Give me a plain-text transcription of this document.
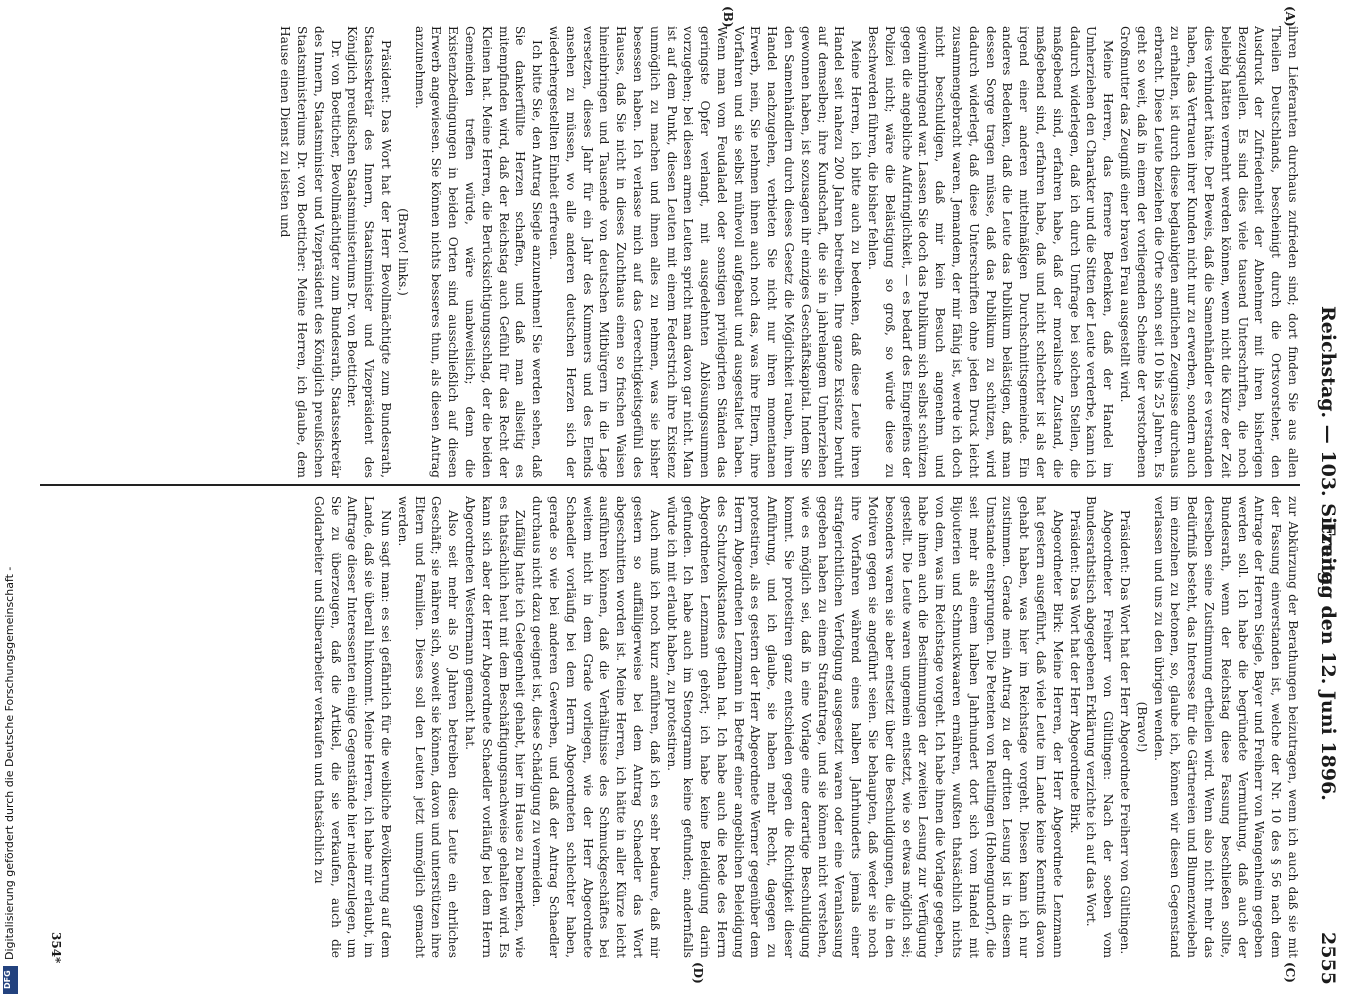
Digitalisierung gefördert durch die Deutsche Forschungsgemeinschaft -
DFG
Reichstag. — 103. Sitzung.
(A)
(B)

ihren Lieferanten durchaus zufrieden sind; dort finden Sie aus allen Theilen Deutschlands, bescheinigt durch die Ortsvorsteher, den Ausdruck der Zufriedenheit der Abnehmer mit ihren bisherigen Bezugsquellen. Es sind dies viele tausend Unterschriften, die noch beliebig hätten vermehrt werden können, wenn nicht die Kürze der Zeit dies verhindert hätte. Der Beweis, daß die Samenhändler es verstanden haben, das Vertrauen ihrer Kunden nicht nur zu erwerben, sondern auch zu erhalten, ist durch diese beglaubigten amtlichen Zeugnisse durchaus erbracht. Diese Leute beziehen die Orte schon seit 10 bis 25 Jahren. Es geht so weit, daß in einem der vorliegenden Scheine der verstorbenen Großmutter das Zeugniß einer braven Frau ausgestellt wird.

Meine Herren, das fernere Bedenken, daß der Handel im Umherziehen den Charakter und die Sitten der Leute verderbe, kann ich dadurch widerlegen, daß ich durch Umfrage bei solchen Stellen, die maßgebend sind, erfahren habe, daß der moralische Zustand, die maßgebend sind, erfahren habe, daß und nicht schlechter ist als der irgend einer anderen mittelmäßigen Durchschnittsgemeinde. Ein anderes Bedenken, daß die Leute das Publikum belästigen, daß man dessen Sorge tragen müsse, daß das Publikum zu schützen, wird dadurch widerlegt, daß diese Unterschriften ohne jeden Druck leicht zusammengebracht waren. Jemandem, der mir fähig ist, werde ich doch nicht beschuldigen, daß mir kein Besuch angenehm und gewinnbringend war. Lassen Sie doch das Publikum sich selbst schützen gegen die angebliche Aufdringlichkeit, — es bedarf des Eingreifens der Polizei nicht; wäre die Belästigung so groß, so würde diese zu Beschwerden führen, die bisher fehlen.

Meine Herren, ich bitte auch zu bedenken, daß diese Leute ihren Handel seit nahezu 200 Jahren betreiben. Ihre ganze Existenz beruht auf demselben; ihre Kundschaft, die sie in jahrelangem Umherziehen gewonnen haben, ist sozusagen ihr einziges Geschäftskapital. Indem Sie den Samenhändlern durch dieses Gesetz die Möglichkeit rauben, ihren Handel nachzugehen, verbieten Sie nicht nur ihren momentanen Erwerb, nein, Sie nehmen ihnen auch noch das, was ihre Eltern, ihre Vorfahren und sie selbst mühevoll aufgebaut und ausgestaltet haben. Wenn man vom Feudaladel oder sonstigen privilegirten Ständen das geringste Opfer verlangt, mit ausgedehnten Ablösungssummen vorzugehen; bei diesen armen Leuten spricht man davon gar nicht. Man ist auf dem Punkt, diesen Leuten mit einem Federstrich ihre Existenz unmöglich zu machen und ihnen alles zu nehmen, was sie bisher besessen haben. Ich verlasse mich auf das Gerechtigkeitsgefühl des Hauses, daß Sie nicht in dieses Zuchthaus einen so frischen Waisen hineinbringen und Tausende von deutschen Mitbürgern in die Lage versetzen, dieses Jahr für ein Jahr des Kummers und des Elends ansehen zu müssen, wo alle anderen deutschen Herzen sich der wiederhergestellten Einheit erfreuen.

Ich bitte Sie, den Antrag Siegle anzunehmen! Sie werden sehen, daß Sie dankerfüllte Herzen schaffen, und daß man allseitig es mitempfinden wird, daß der Reichstag auch Gefühl für das Recht der Kleinen hat. Meine Herren, die Berücksichtigungsschlag, der die beiden Gemeinden treffen würde, wäre unabweislich; denn die Existenzbedingungen in beiden Orten sind ausschließlich auf diesen Erwerb angewiesen. Sie können nichts besseres thun, als diesen Antrag anzunehmen.

(Bravo! links.)

Präsident: Das Wort hat der Herr Bevollmächtigte zum Bundesrath, Staatssekretär des Innern, Staatsminister und Vizepräsident des Königlich preußischen Staatsministeriums Dr. von Boetticher.

Dr. von Boetticher, Bevollmächtigter zum Bundesrath, Staatssekretär des Innern, Staatsminister und Vizepräsident des Königlich preußischen Staatsministeriums Dr. von Boetticher: Meine Herren, ich glaube, dem Hause einen Dienst zu leisten und

Freitag den 12. Juni 1896.
2555
(C)
(D)

zur Abkürzung der Berathungen beizutragen, wenn ich auch daß sie mit der Fassung einverstanden ist, welche der Nr. 10 des § 56 nach dem Antrage der Herren Siegle, Bayer und Freiherr von Wangenheim gegeben werden soll. Ich habe die begründete Vermuthung, daß auch der Bundesrath, wenn der Reichstag diese Fassung beschließen sollte, derselben seine Zustimmung ertheilen wird. Wenn also nicht mehr das Bedürfniß besteht, das Interesse für die Gärtnereien und Blumenzwiebeln im einzelnen zu betonen, so, glaube ich, können wir diesen Gegenstand verlassen und uns zu den übrigen wenden.

(Bravo!)

Präsident: Das Wort hat der Herr Abgeordnete Freiherr von Gültlingen.

Abgeordneter Freiherr von Gültlingen: Nach der soeben vom Bundesrathstisch abgegebenen Erklärung verzichte ich auf das Wort.

Präsident: Das Wort hat der Herr Abgeordnete Birk.

Abgeordneter Birk: Meine Herren, der Herr Abgeordnete Lenzmann hat gestern ausgeführt, daß viele Leute im Lande keine Kenntniß davon gehabt haben, was hier im Reichstage vorgeht. Diesen kann ich nur zustimmen. Gerade mein Antrag zu der dritten Lesung ist in diesem Umstande entsprungen. Die Petenten von Reutlingen (Hohengundorf), die seit mehr als einem halben Jahrhundert dort sich vom Handel mit Bijouterien und Schmuckwaaren ernähren, wußten thatsächlich nichts von dem, was im Reichstage vorgeht. Ich habe ihnen die Vorlage gegeben, habe ihnen auch die Bestimmungen der zweiten Lesung zur Verfügung gestellt. Die Leute waren ungemein entsetzt, wie so etwas möglich sei; besonders waren sie aber entsetzt über die Beschuldigungen, die in den Motiven gegen sie angeführt seien. Sie behaupten, daß weder sie noch ihre Vorfahren während eines halben Jahrhunderts jemals einer strafgerichtlichen Verfolgung ausgesetzt waren oder eine Veranlassung gegeben haben zu einem Strafantrage, und sie können nicht verstehen, wie es möglich sei, daß in eine Vorlage eine derartige Beschuldigung kommt. Sie protestiren ganz entschieden gegen die Richtigkeit dieser Anführung, und ich glaube, sie haben mehr Recht, dagegen zu protestiren, als es gestern der Herr Abgeordnete Werner gegenüber dem Herrn Abgeordneten Lenzmann in Betreff einer angeblichen Beleidigung des Schutzvolkstandes gethan hat. Ich habe auch die Rede des Herrn Abgeordneten Lenzmann gehört; ich habe keine Beleidigung darin gefunden. Ich habe auch im Stenogramm keine gefunden; andernfalls würde ich mit erlaubt haben, zu protestiren.

Auch muß ich noch kurz anführen, daß ich es sehr bedaure, daß mir gestern so auffälligerweise bei dem Antrag Schaedler das Wort abgeschnitten worden ist. Meine Herren, ich hätte in aller Kürze leicht ausführen können, daß die Verhältnisse des Schmuckgeschäftes bei weitem nicht in dem Grade vorliegen, wie der Herr Abgeordnete Schaedler vorläufig bei dem Herrn Abgeordneten schlechter haben, gerade so wie bei anderen Gewerben, und daß der Antrag Schaedler durchaus nicht dazu geeignet ist, diese Schädigung zu vermeiden.

Zufällig hatte ich Gelegenheit gehabt, hier im Hause zu bemerken, wie es thatsächlich heut mit dem Beschäftigungsnachweise gehalten wird. Es kann sich aber der Herr Abgeordnete Schaedler vorläufig bei dem Herrn Abgeordneten Westermann gemacht hat.

Also seit mehr als 50 Jahren betreiben diese Leute ein ehrliches Geschäft; sie nähren sich, soweit sie können, davon und unterstützen ihre Eltern und Familien. Dieses soll den Leuten jetzt unmöglich gemacht werden.

Nun sagt man: es sei gefährlich für die weibliche Bevölkerung auf dem Lande, daß sie überall hinkommt. Meine Herren, ich habe mir erlaubt, im Auftrage dieser Interessenten einige Gegenstände hier niederzulegen, um Sie zu überzeugen, daß die Artikel, die sie verkaufen, auch die Goldarbeiter und Silberarbeiter verkaufen und thatsächlich zu

354*
